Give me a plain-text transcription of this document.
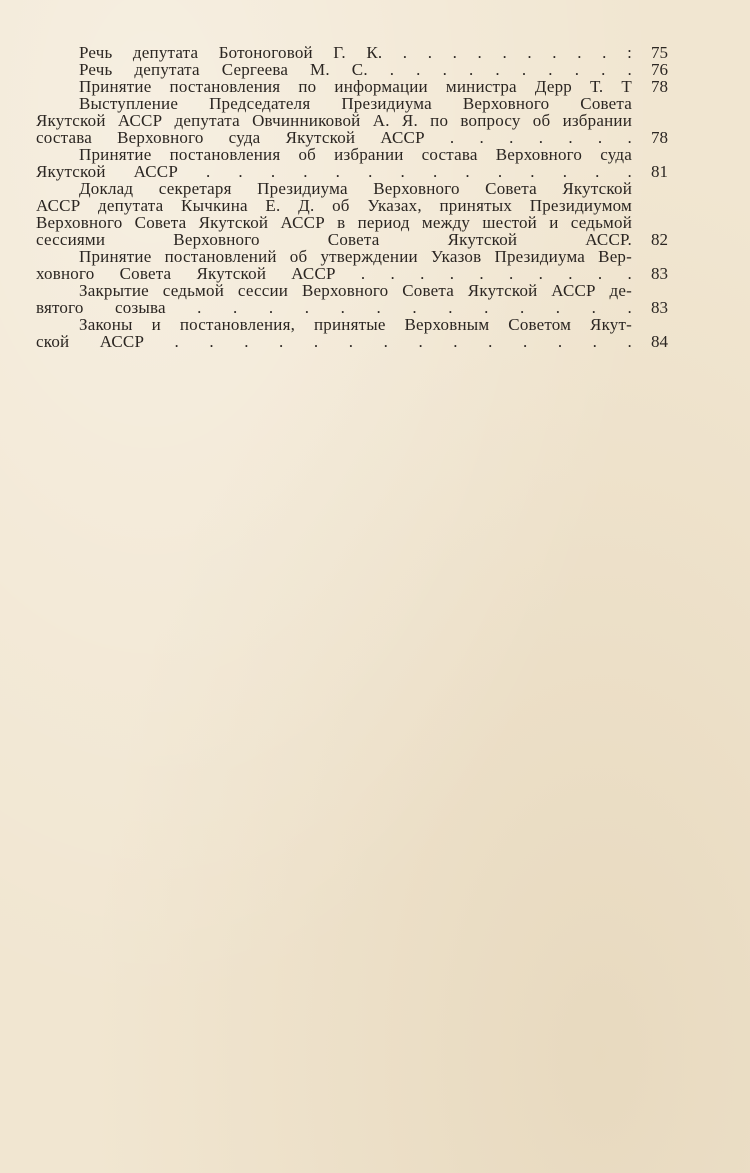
Речь депутата Ботоноговой Г. К. . . . . . . . . . :	75
Речь депутата Сергеева М. С. . . . . . . . . . .	76
Принятие постановления по информации министра Дерр Т. Т	78
Выступление Председателя Президиума Верховного Совета
Якутской АССР депутата Овчинниковой А. Я. по вопросу об избрании
состава Верховного суда Якутской АССР . . . . . . .	78
Принятие постановления об избрании состава Верховного суда
Якутской АССР . . . . . . . . . . . . . .	81
Доклад секретаря Президиума Верховного Совета Якутской
АССР депутата Кычкина Е. Д. об Указах, принятых Президиумом
Верховного Совета Якутской АССР в период между шестой и седьмой
сессиями Верховного Совета Якутской АССР.	82
Принятие постановлений об утверждении Указов Президиума Вер-
ховного Совета Якутской АССР . . . . . . . . . .	83
Закрытие седьмой сессии Верховного Совета Якутской АССР де-
вятого созыва . . . . . . . . . . . . .	83
Законы и постановления, принятые Верховным Советом Якут-
ской АССР . . . . . . . . . . . . . .	84
